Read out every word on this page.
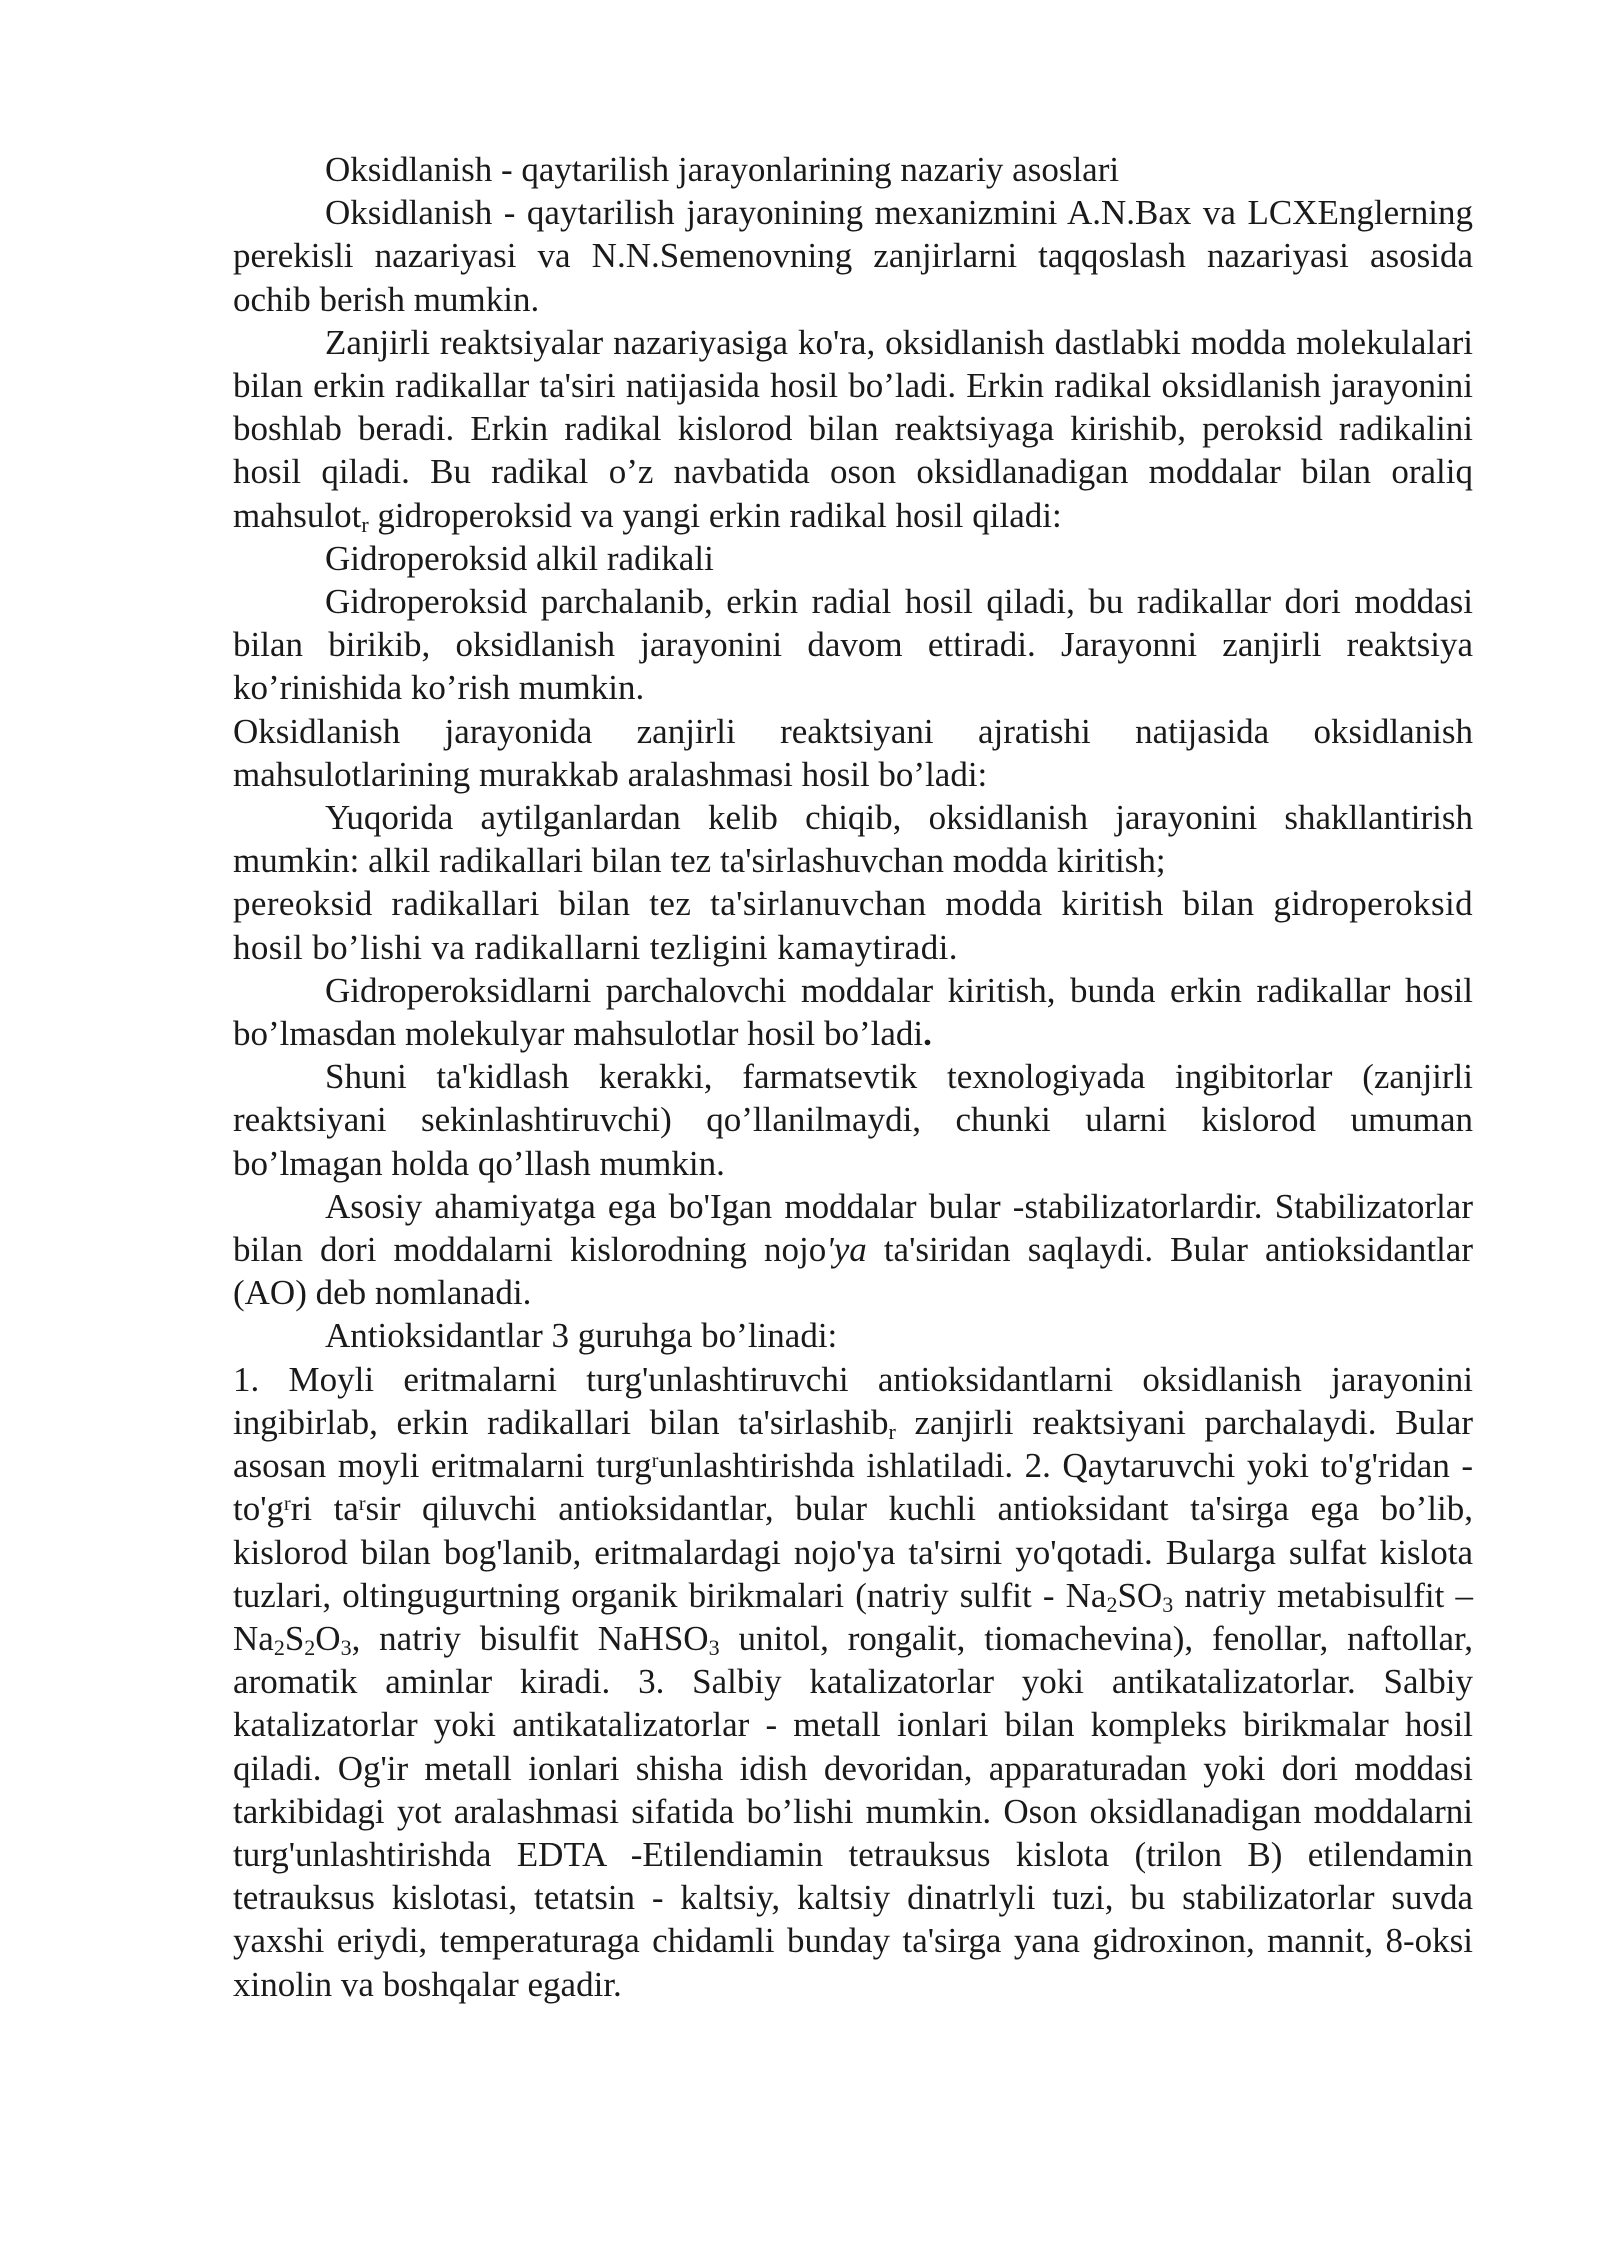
Oksidlanish - qaytarilish jarayonlarining nazariy asoslari

Oksidlanish - qaytarilish jarayonining mexanizmini A.N.Bax va LCXEnglerning perekisli nazariyasi va N.N.Semenovning zanjirlarni taqqoslash nazariyasi asosida ochib berish mumkin.

Zanjirli reaktsiyalar nazariyasiga ko'ra, oksidlanish dastlabki modda molekulalari bilan erkin radikallar ta'siri natijasida hosil bo’ladi. Erkin radikal oksidlanish jarayonini boshlab beradi. Erkin radikal kislorod bilan reaktsiyaga kirishib, peroksid radikalini hosil qiladi. Bu radikal o’z navbatida oson oksidlanadigan moddalar bilan oraliq mahsulot$_r$ gidroperoksid va yangi erkin radikal hosil qiladi:

Gidroperoksid alkil radikali

Gidroperoksid parchalanib, erkin radial hosil qiladi, bu radikallar dori moddasi bilan birikib, oksidlanish jarayonini davom ettiradi. Jarayonni zanjirli reaktsiya ko’rinishida ko’rish mumkin.

Oksidlanish jarayonida zanjirli reaktsiyani ajratishi natijasida oksidlanish mahsulotlarining murakkab aralashmasi hosil bo’ladi:

Yuqorida aytilganlardan kelib chiqib, oksidlanish jarayonini shakllantirish mumkin: alkil radikallari bilan tez ta'sirlashuvchan modda kiritish;

pereoksid radikallari bilan tez ta'sirlanuvchan modda kiritish bilan gidroperoksid hosil bo’lishi va radikallarni tezligini kamaytiradi.

Gidroperoksidlarni parchalovchi moddalar kiritish, bunda erkin radikallar hosil bo’lmasdan molekulyar mahsulotlar hosil bo’ladi.

Shuni ta'kidlash kerakki, farmatsevtik texnologiyada ingibitorlar (zanjirli reaktsiyani sekinlashtiruvchi) qo’llanilmaydi, chunki ularni kislorod umuman bo’lmagan holda qo’llash mumkin.

Asosiy ahamiyatga ega bo'Igan moddalar bular -stabilizatorlardir. Stabilizatorlar bilan dori moddalarni kislorodning nojo'ya ta'siridan saqlaydi. Bular antioksidantlar (AO) deb nomlanadi.

Antioksidantlar 3 guruhga bo’linadi:

1. Moyli eritmalarni turg'unlashtiruvchi antioksidantlarni oksidlanish jarayonini ingibirlab, erkin radikallari bilan ta'sirlashib$_r$ zanjirli reaktsiyani parchalaydi. Bular asosan moyli eritmalarni turg$^r$unlashtirishda ishlatiladi. 2. Qaytaruvchi yoki to'g'ridan - $to'g^rri$ $ta^rsir$ qiluvchi antioksidantlar, bular kuchli antioksidant ta'sirga ega bo’lib, kislorod bilan bog'lanib, eritmalardagi nojo'ya ta'sirni yo'qotadi. Bularga sulfat kislota tuzlari, oltingugurtning organik birikmalari (natriy sulfit - $Na_2SO_3$ natriy metabisulfit – $Na_2S_2O_3$, natriy bisulfit NaHSO$_3$ unitol, rongalit, tiomachevina), fenollar, naftollar, aromatik aminlar kiradi. 3. Salbiy katalizatorlar yoki antikatalizatorlar. Salbiy katalizatorlar yoki antikatalizatorlar - metall ionlari bilan kompleks birikmalar hosil qiladi. Og'ir metall ionlari shisha idish devoridan, apparaturadan yoki dori moddasi tarkibidagi yot aralashmasi sifatida bo’lishi mumkin. Oson oksidlanadigan moddalarni turg'unlashtirishda EDTA -Etilendiamin tetrauksus kislota (trilon B) etilendamin tetrauksus kislotasi, tetatsin - kaltsiy, kaltsiy dinatrlyli tuzi, bu stabilizatorlar suvda yaxshi eriydi, temperaturaga chidamli bunday ta'sirga yana gidroxinon, mannit, 8-oksi xinolin va boshqalar egadir.
